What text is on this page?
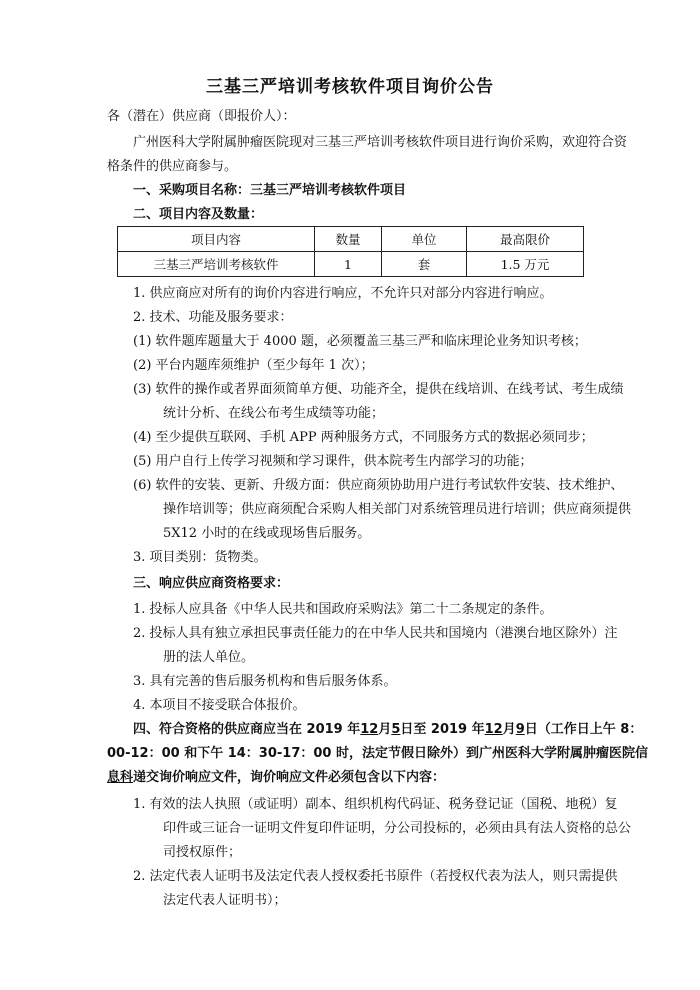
三基三严培训考核软件项目询价公告
各（潜在）供应商（即报价人）：
广州医科大学附属肿瘤医院现对三基三严培训考核软件项目进行询价采购，欢迎符合资
格条件的供应商参与。
一、采购项目名称：三基三严培训考核软件项目
二、项目内容及数量：
项目内容	数量	单位	最高限价
三基三严培训考核软件	1	套	1.5 万元
1. 供应商应对所有的询价内容进行响应，不允许只对部分内容进行响应。
2. 技术、功能及服务要求：
(1) 软件题库题量大于 4000 题，必须覆盖三基三严和临床理论业务知识考核；
(2) 平台内题库须维护（至少每年 1 次）；
(3) 软件的操作或者界面须简单方便、功能齐全，提供在线培训、在线考试、考生成绩
统计分析、在线公布考生成绩等功能；
(4) 至少提供互联网、手机 APP 两种服务方式，不同服务方式的数据必须同步；
(5) 用户自行上传学习视频和学习课件，供本院考生内部学习的功能；
(6) 软件的安装、更新、升级方面：供应商须协助用户进行考试软件安装、技术维护、
操作培训等；供应商须配合采购人相关部门对系统管理员进行培训；供应商须提供
5X12 小时的在线或现场售后服务。
3. 项目类别：货物类。
三、响应供应商资格要求：
1. 投标人应具备《中华人民共和国政府采购法》第二十二条规定的条件。
2. 投标人具有独立承担民事责任能力的在中华人民共和国境内（港澳台地区除外）注
册的法人单位。
3. 具有完善的售后服务机构和售后服务体系。
4. 本项目不接受联合体报价。
四、符合资格的供应商应当在 2019 年12月5日至 2019 年12月9日（工作日上午 8：
00-12：00 和下午 14：30-17：00 时，法定节假日除外）到广州医科大学附属肿瘤医院信
息科递交询价响应文件，询价响应文件必须包含以下内容：
1. 有效的法人执照（或证明）副本、组织机构代码证、税务登记证（国税、地税）复
印件或三证合一证明文件复印件证明，分公司投标的，必须由具有法人资格的总公
司授权原件；
2. 法定代表人证明书及法定代表人授权委托书原件（若授权代表为法人，则只需提供
法定代表人证明书）；
